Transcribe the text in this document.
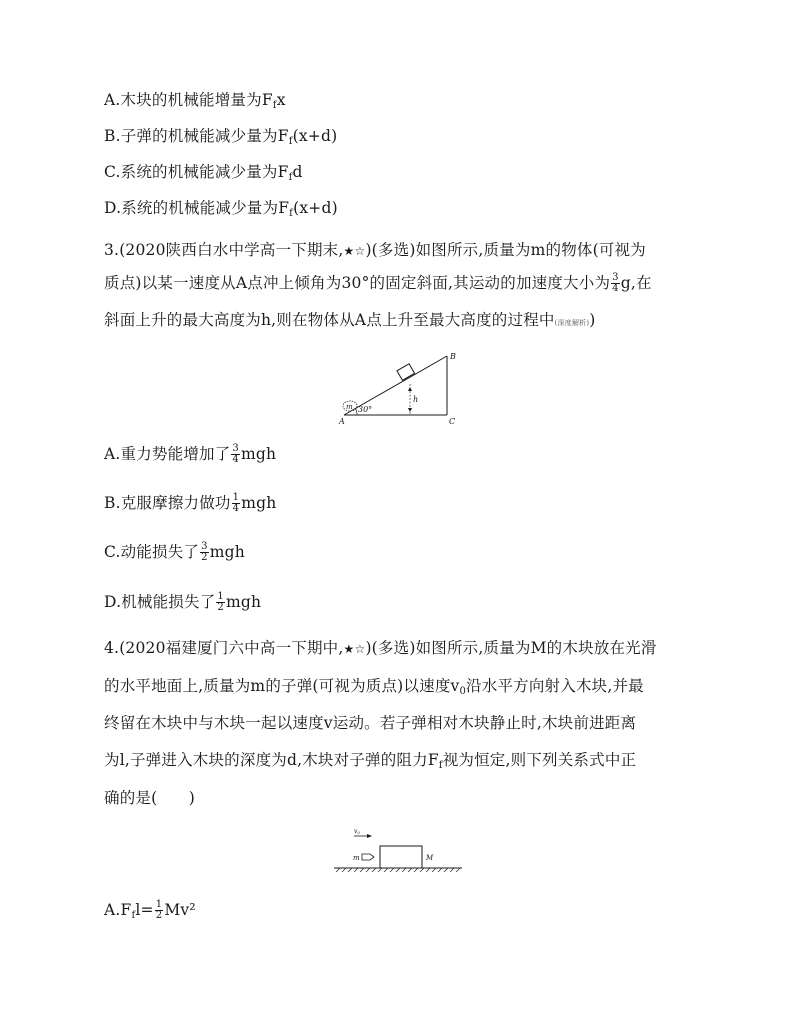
A.木块的机械能增量为$F_fx$
B.子弹的机械能减少量为$F_f(x+d)$
C.系统的机械能减少量为$F_fd$
D.系统的机械能减少量为$F_f(x+d)$
3.(2020陕西白水中学高一下期末,★☆)(多选)如图所示,质量为m的物体(可视为
质点)以某一速度从A点冲上倾角为30°的固定斜面,其运动的加速度大小为 $\frac{3}{4} g$,在
斜面上升的最大高度为h,则在物体从A点上升至最大高度的过程中(深度解析))
m 30°
B
C
A
h
A.重力势能增加了 $\frac{3}{4}$ mgh
B.克服摩擦力做功 $\frac{1}{4}$ mgh
C.动能损失了 $\frac{3}{2}$ mgh
D.机械能损失了 $\frac{1}{2}$ mgh
4.(2020福建厦门六中高一下期中,★☆)(多选)如图所示,质量为M的木块放在光滑
的水平地面上,质量为m的子弹(可视为质点)以速度$v_0$沿水平方向射入木块,并最
终留在木块中与木块一起以速度v运动。若子弹相对木块静止时,木块前进距离
为l,子弹进入木块的深度为d,木块对子弹的阻力$F_f$视为恒定,则下列关系式中正
确的是(　　)
v0
m	M
$A.F_fl= \frac{1}{2} Mv^2$
